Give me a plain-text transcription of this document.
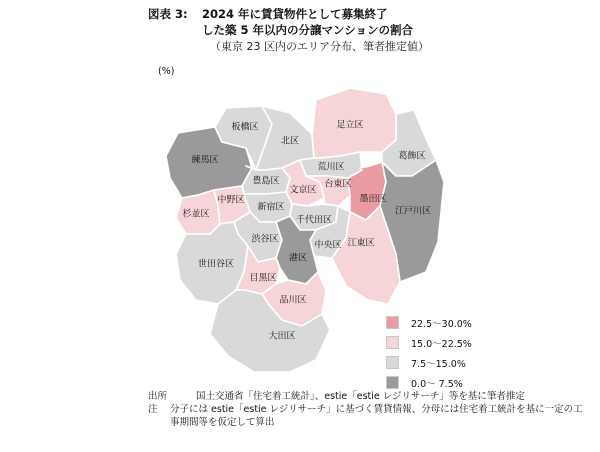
図表 3:	2024 年に賃貸物件として募集終了
した築 5 年以内の分譲マンションの割合
（東京 23 区内のエリア分布、筆者推定値）
(%)
練馬区
板橋区
北区
足立区
葛飾区
荒川区
豊島区
文京区
台東区
墨田区
江戸川区
中野区
杉並区
新宿区
千代田区
中央区 江東区
渋谷区
港区
世田谷区
目黒区
品川区
大田区
22.5～30.0%
15.0～22.5%
7.5～15.0%
0.0～ 7.5%
出所	国土交通省「住宅着工統計」、estie「estie レジリサーチ」等を基に筆者推定
注	分子には estie「estie レジリサーチ」に基づく賃貸情報、分母には住宅着工統計を基に一定の工事期間等を仮定して算出
